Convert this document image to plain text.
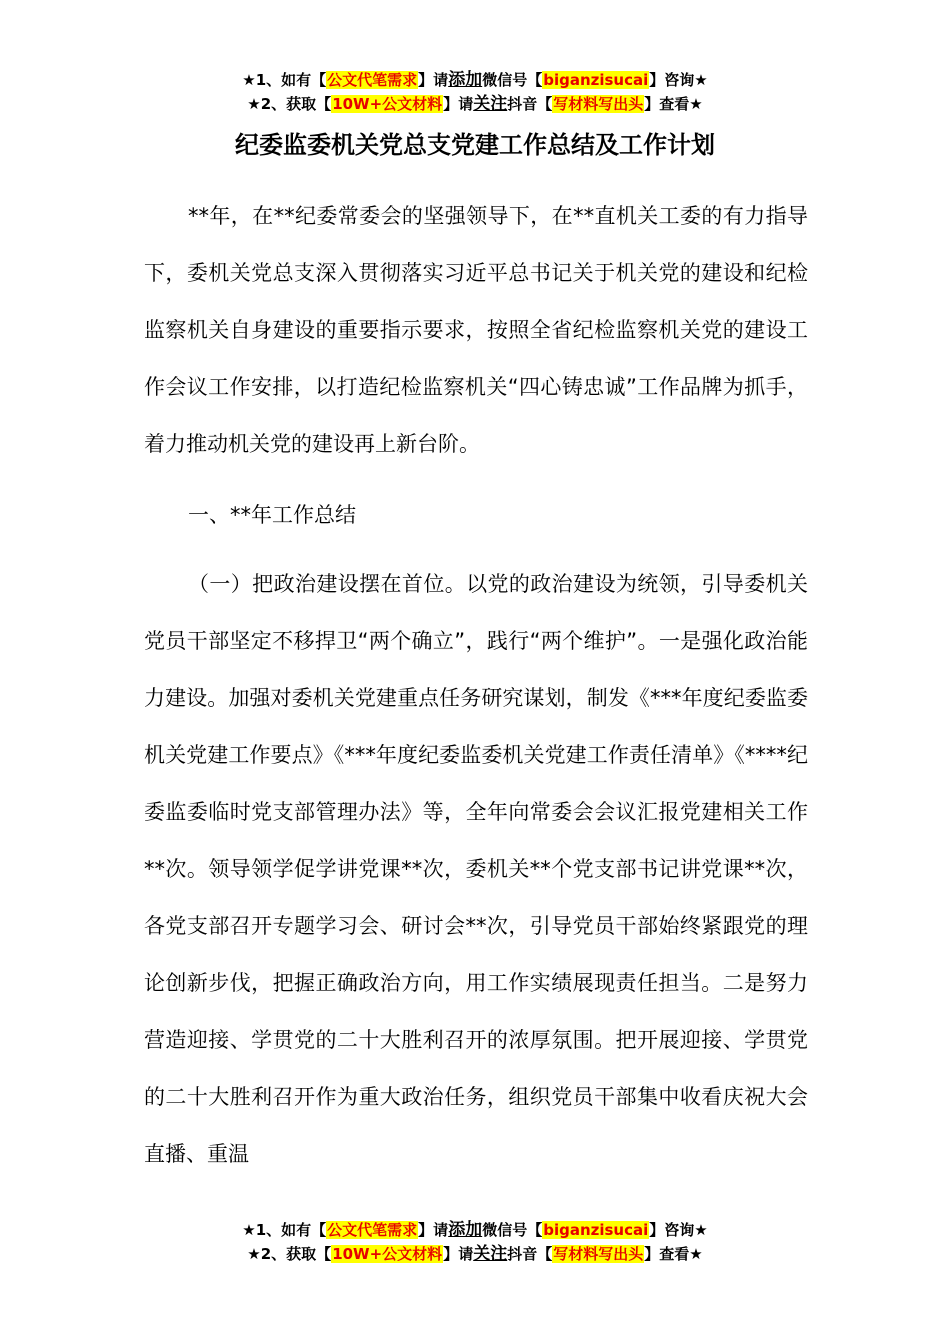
★1、如有【公文代笔需求】请添加微信号【biganzisucai】咨询★
★2、获取【10W+公文材料】请关注抖音【写材料写出头】查看★
纪委监委机关党总支党建工作总结及工作计划

**年，在**纪委常委会的坚强领导下，在**直机关工委的有力指导下，委机关党总支深入贯彻落实习近平总书记关于机关党的建设和纪检监察机关自身建设的重要指示要求，按照全省纪检监察机关党的建设工作会议工作安排，以打造纪检监察机关“四心铸忠诚”工作品牌为抓手，着力推动机关党的建设再上新台阶。

一、**年工作总结

（一）把政治建设摆在首位。以党的政治建设为统领，引导委机关党员干部坚定不移捍卫“两个确立”，践行“两个维护”。一是强化政治能力建设。加强对委机关党建重点任务研究谋划，制发《***年度纪委监委机关党建工作要点》《***年度纪委监委机关党建工作责任清单》《****纪委监委临时党支部管理办法》等，全年向常委会会议汇报党建相关工作**次。领导领学促学讲党课**次，委机关**个党支部书记讲党课**次，各党支部召开专题学习会、研讨会**次，引导党员干部始终紧跟党的理论创新步伐，把握正确政治方向，用工作实绩展现责任担当。二是努力营造迎接、学贯党的二十大胜利召开的浓厚氛围。把开展迎接、学贯党的二十大胜利召开作为重大政治任务，组织党员干部集中收看庆祝大会直播、重温

★1、如有【公文代笔需求】请添加微信号【biganzisucai】咨询★
★2、获取【10W+公文材料】请关注抖音【写材料写出头】查看★
